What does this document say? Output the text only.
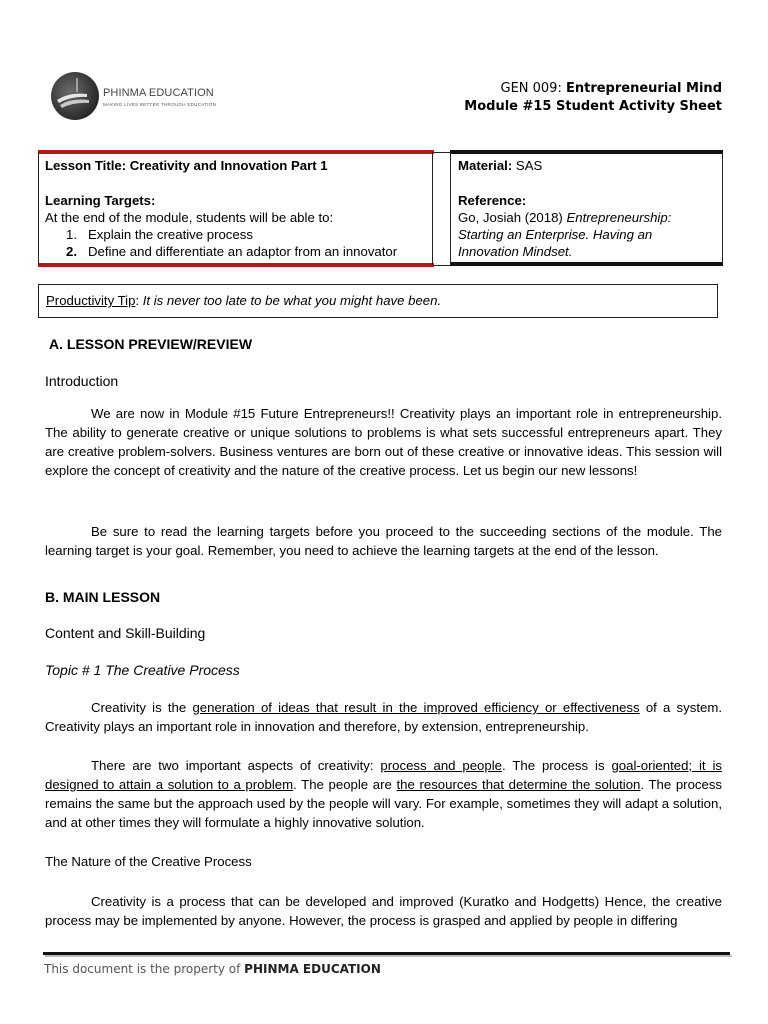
PHINMA EDUCATION
MAKING LIVES BETTER THROUGH EDUCATION
GEN 009: Entrepreneurial Mind
Module #15 Student Activity Sheet
Lesson Title: Creativity and Innovation Part 1
Learning Targets:
At the end of the module, students will be able to:
1. Explain the creative process
2. Define and differentiate an adaptor from an innovator
Material: SAS
Reference:
Go, Josiah (2018) Entrepreneurship:
Starting an Enterprise. Having an
Innovation Mindset.
Productivity Tip: It is never too late to be what you might have been.
A. LESSON PREVIEW/REVIEW
Introduction
We are now in Module #15 Future Entrepreneurs!! Creativity plays an important role in entrepreneurship. The ability to generate creative or unique solutions to problems is what sets successful entrepreneurs apart. They are creative problem-solvers. Business ventures are born out of these creative or innovative ideas. This session will explore the concept of creativity and the nature of the creative process. Let us begin our new lessons!
Be sure to read the learning targets before you proceed to the succeeding sections of the module. The learning target is your goal. Remember, you need to achieve the learning targets at the end of the lesson.
B. MAIN LESSON
Content and Skill-Building
Topic # 1 The Creative Process
Creativity is the generation of ideas that result in the improved efficiency or effectiveness of a system. Creativity plays an important role in innovation and therefore, by extension, entrepreneurship.
There are two important aspects of creativity: process and people. The process is goal-oriented; it is designed to attain a solution to a problem. The people are the resources that determine the solution. The process remains the same but the approach used by the people will vary. For example, sometimes they will adapt a solution, and at other times they will formulate a highly innovative solution.
The Nature of the Creative Process
Creativity is a process that can be developed and improved (Kuratko and Hodgetts) Hence, the creative process may be implemented by anyone. However, the process is grasped and applied by people in differing
This document is the property of PHINMA EDUCATION
